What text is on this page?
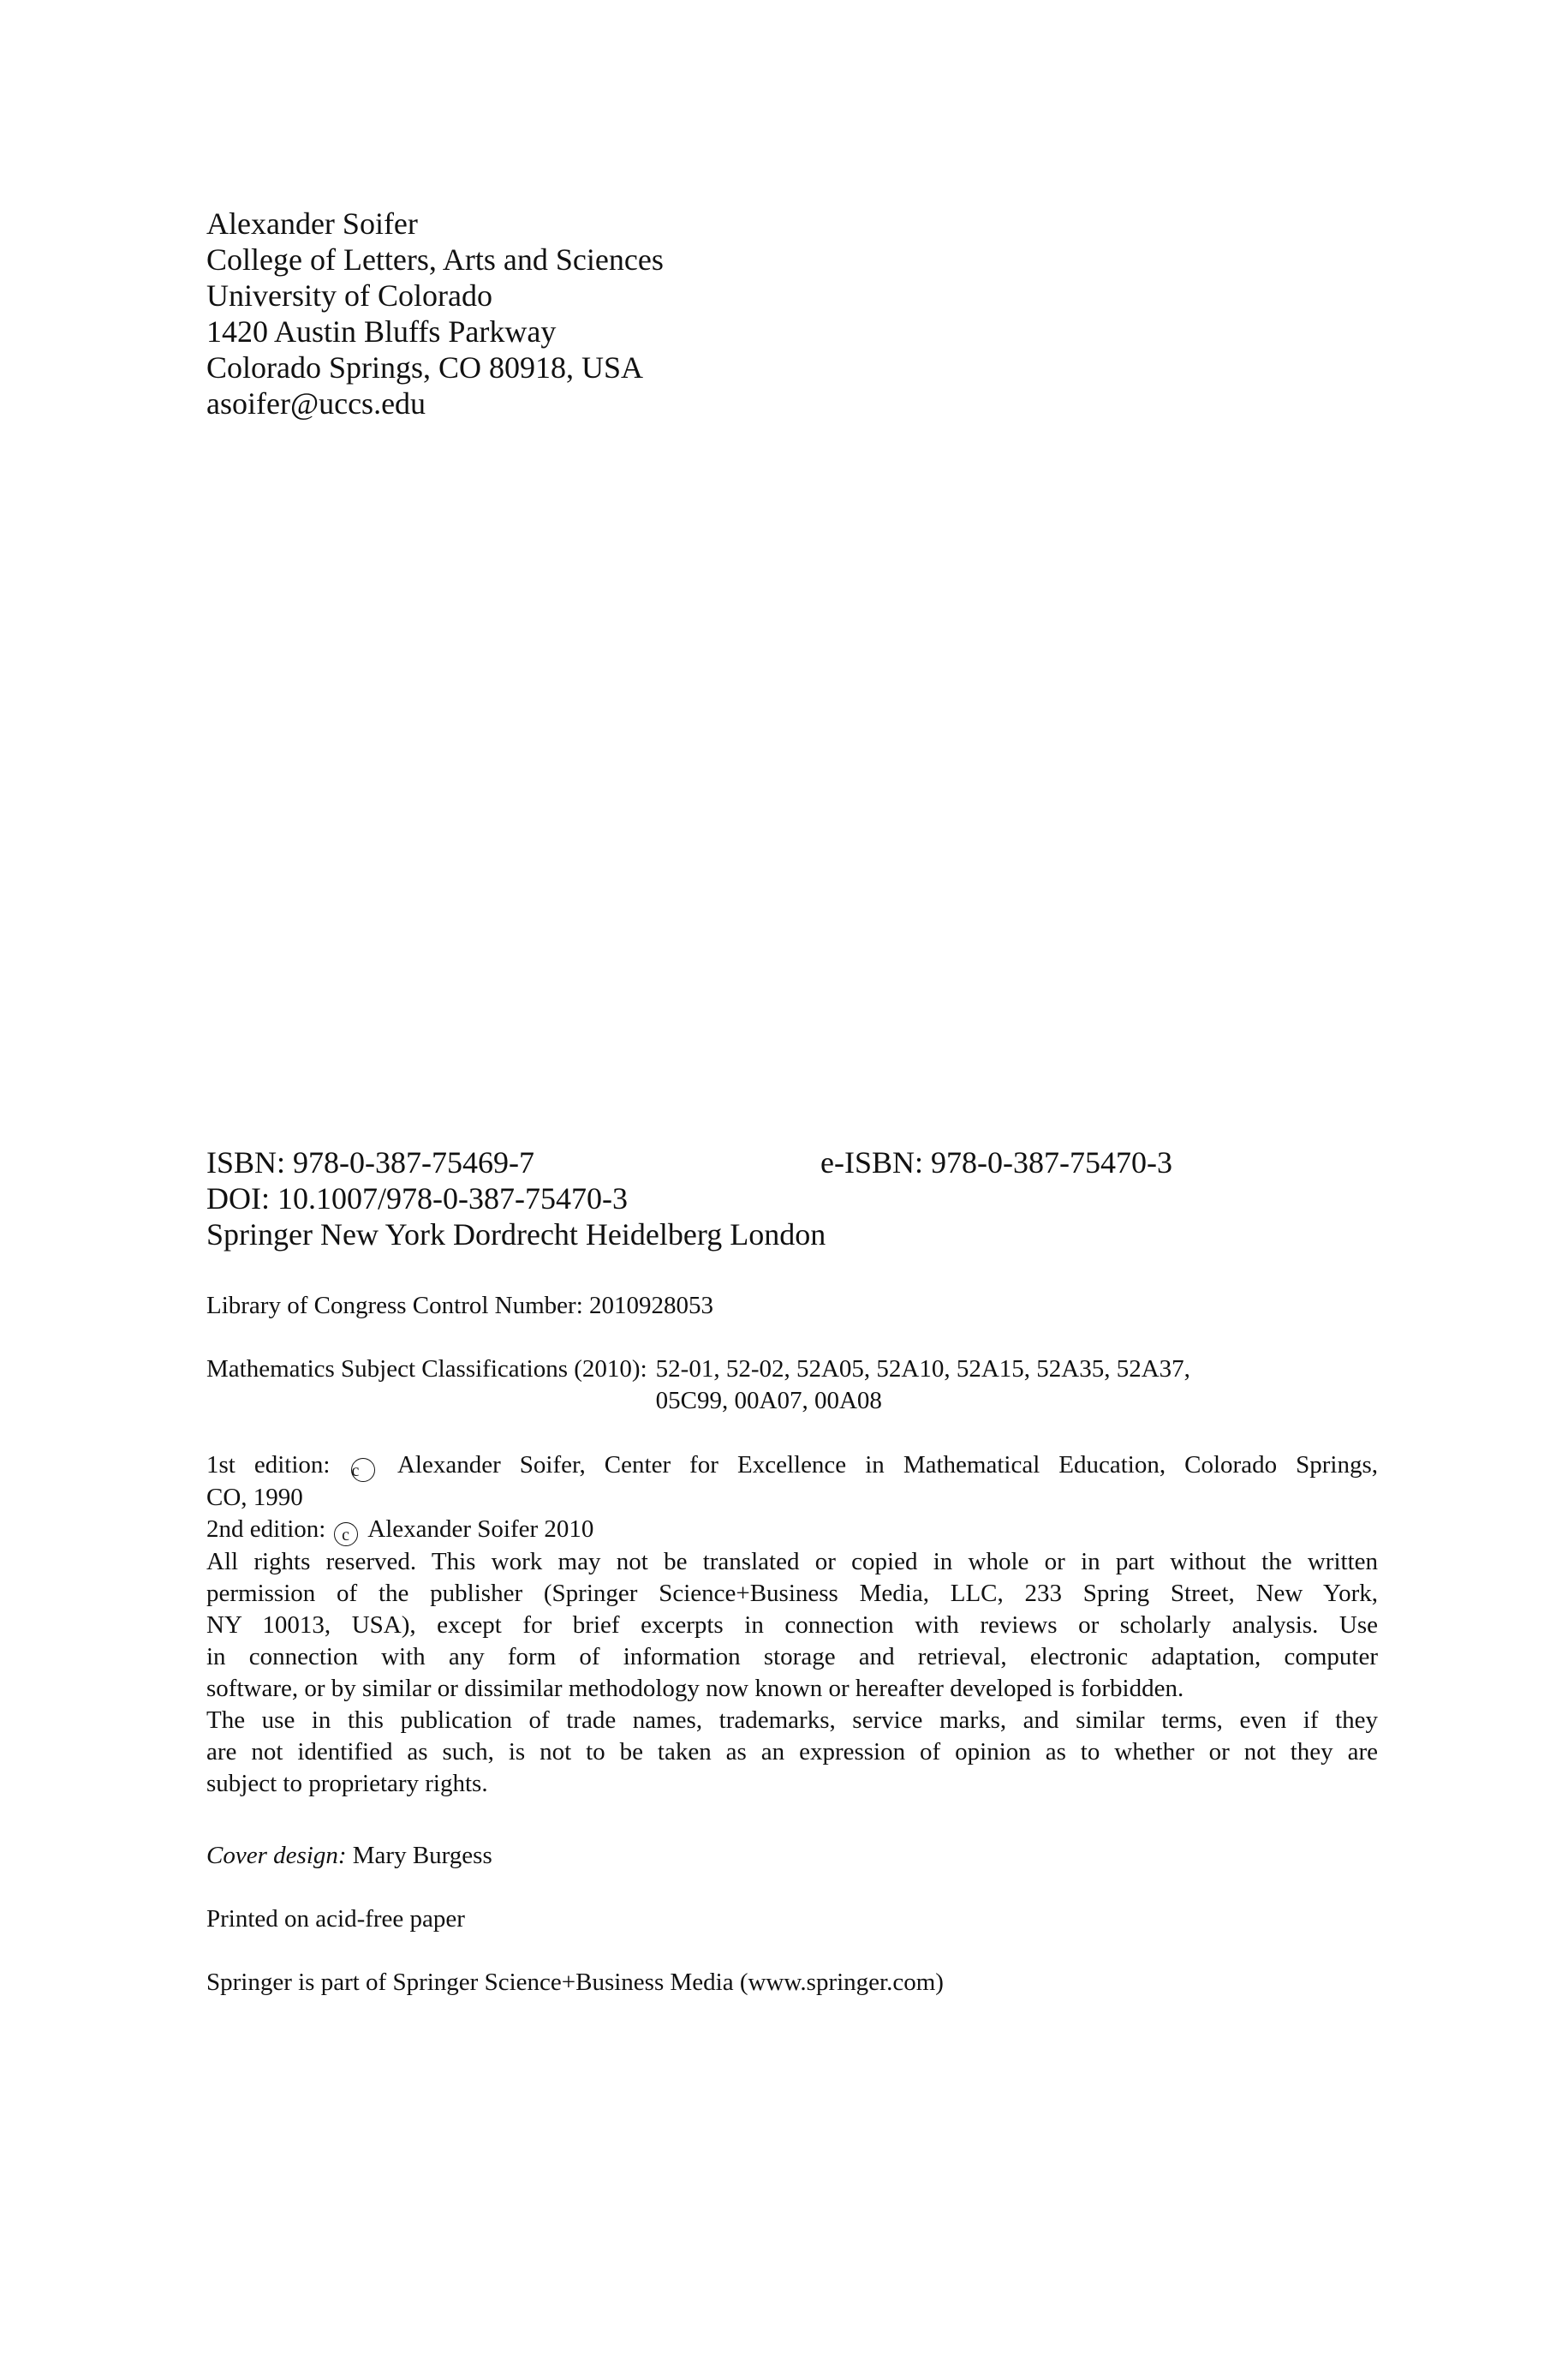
Alexander Soifer
College of Letters, Arts and Sciences
University of Colorado
1420 Austin Bluffs Parkway
Colorado Springs, CO 80918, USA
asoifer@uccs.edu
ISBN: 978-0-387-75469-7	e-ISBN: 978-0-387-75470-3
DOI: 10.1007/978-0-387-75470-3
Springer New York Dordrecht Heidelberg London
Library of Congress Control Number: 2010928053
Mathematics Subject Classifications (2010): 52-01, 52-02, 52A05, 52A10, 52A15, 52A35, 52A37,
05C99, 00A07, 00A08

1st edition: c Alexander Soifer, Center for Excellence in Mathematical Education, Colorado Springs,

CO, 1990

2nd edition: c Alexander Soifer 2010

All rights reserved. This work may not be translated or copied in whole or in part without the written

permission of the publisher (Springer Science+Business Media, LLC, 233 Spring Street, New York,

NY 10013, USA), except for brief excerpts in connection with reviews or scholarly analysis. Use

in connection with any form of information storage and retrieval, electronic adaptation, computer

software, or by similar or dissimilar methodology now known or hereafter developed is forbidden.

The use in this publication of trade names, trademarks, service marks, and similar terms, even if they

are not identified as such, is not to be taken as an expression of opinion as to whether or not they are

subject to proprietary rights.

Cover design: Mary Burgess
Printed on acid-free paper
Springer is part of Springer Science+Business Media (www.springer.com)
